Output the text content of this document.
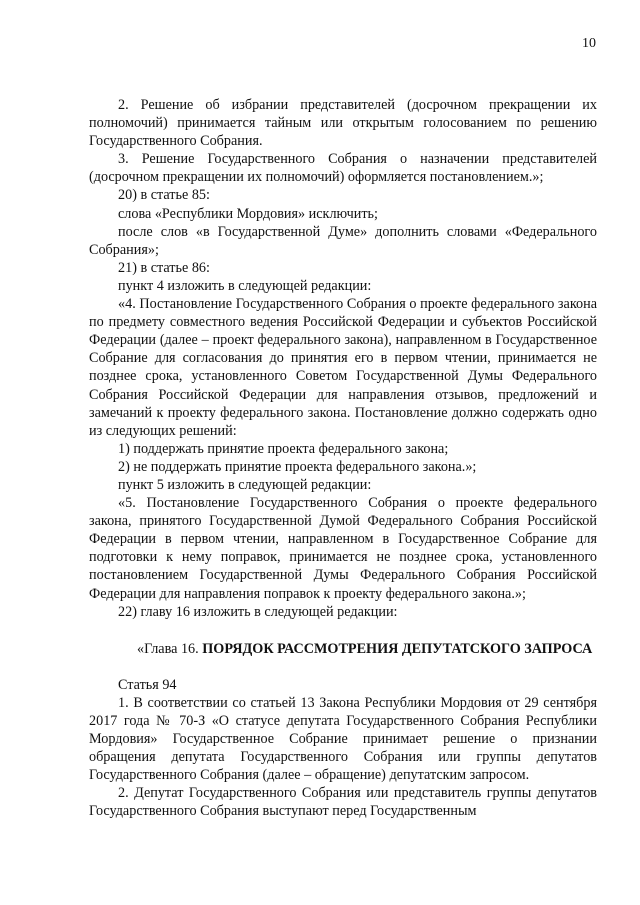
10

2. Решение об избрании представителей (досрочном прекращении их полномочий) принимается тайным или открытым голосованием по решению Государственного Собрания.

3. Решение Государственного Собрания о назначении представителей (досрочном прекращении их полномочий) оформляется постановлением.»;

20) в статье 85:

слова «Республики Мордовия» исключить;

после слов «в Государственной Думе» дополнить словами «Федерального Собрания»;

21) в статье 86:

пункт 4 изложить в следующей редакции:

«4. Постановление Государственного Собрания о проекте федерального закона по предмету совместного ведения Российской Федерации и субъектов Российской Федерации (далее – проект федерального закона), направленном в Государственное Собрание для согласования до принятия его в первом чтении, принимается не позднее срока, установленного Советом Государственной Думы Федерального Собрания Российской Федерации для направления отзывов, предложений и замечаний к проекту федерального закона. Постановление должно содержать одно из следующих решений:

1) поддержать принятие проекта федерального закона;

2) не поддержать принятие проекта федерального закона.»;

пункт 5 изложить в следующей редакции:

«5. Постановление Государственного Собрания о проекте федерального закона, принятого Государственной Думой Федерального Собрания Российской Федерации в первом чтении, направленном в Государственное Собрание для подготовки к нему поправок, принимается не позднее срока, установленного постановлением Государственной Думы Федерального Собрания Российской Федерации для направления поправок к проекту федерального закона.»;

22) главу 16 изложить в следующей редакции:

«Глава 16. ПОРЯДОК РАССМОТРЕНИЯ ДЕПУТАТСКОГО ЗАПРОСА

Статья 94

1. В соответствии со статьей 13 Закона Республики Мордовия от 29 сентября 2017 года № 70-З «О статусе депутата Государственного Собрания Республики Мордовия» Государственное Собрание принимает решение о признании обращения депутата Государственного Собрания или группы депутатов Государственного Собрания (далее – обращение) депутатским запросом.

2. Депутат Государственного Собрания или представитель группы депутатов Государственного Собрания выступают перед Государственным
